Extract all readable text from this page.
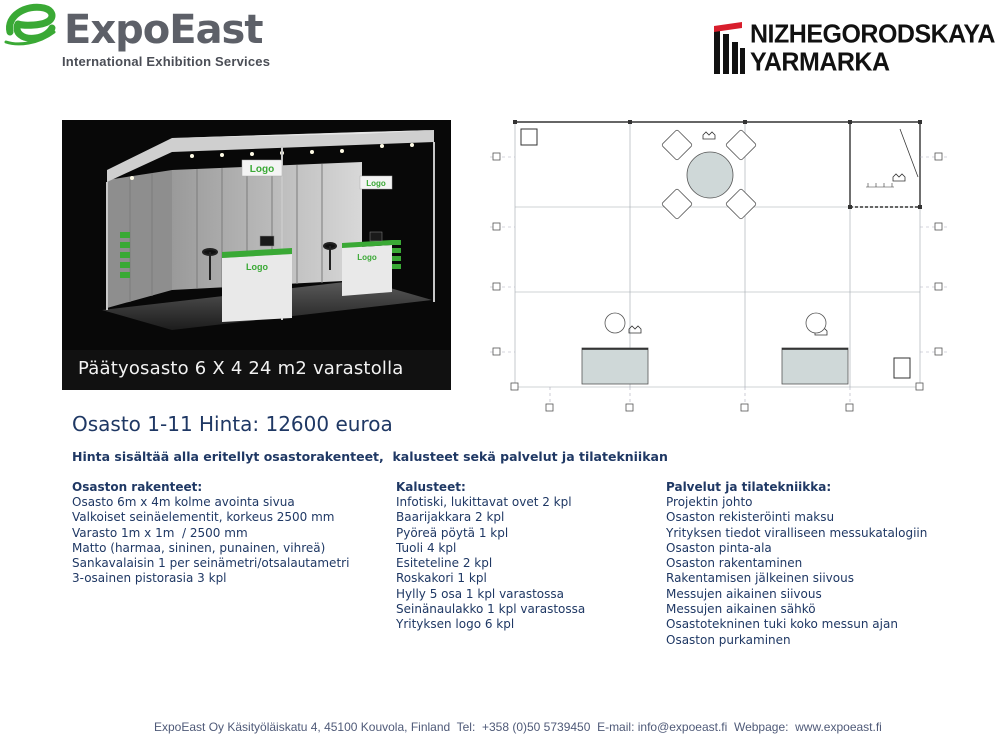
ExpoEast
International Exhibition Services
NIZHEGORODSKAYA
YARMARKA
Logo
Logo
Logo
Logo
Päätyosasto 6 X 4 24 m2 varastolla
Osasto 1-11 Hinta: 12600 euroa
Hinta sisältää alla eritellyt osastorakenteet,  kalusteet sekä palvelut ja tilatekniikan
Osaston rakenteet:
Osasto 6m x 4m kolme avointa sivua
Valkoiset seinäelementit, korkeus 2500 mm
Varasto 1m x 1m  / 2500 mm
Matto (harmaa, sininen, punainen, vihreä)
Sankavalaisin 1 per seinämetri/otsalautametri
3-osainen pistorasia 3 kpl
Kalusteet:
Infotiski, lukittavat ovet 2 kpl
Baarijakkara 2 kpl
Pyöreä pöytä 1 kpl
Tuoli 4 kpl
Esiteteline 2 kpl
Roskakori 1 kpl
Hylly 5 osa 1 kpl varastossa
Seinänaulakko 1 kpl varastossa
Yrityksen logo 6 kpl
Palvelut ja tilatekniikka:
Projektin johto
Osaston rekisteröinti maksu
Yrityksen tiedot viralliseen messukatalogiin
Osaston pinta-ala
Osaston rakentaminen
Rakentamisen jälkeinen siivous
Messujen aikainen siivous
Messujen aikainen sähkö
Osastotekninen tuki koko messun ajan
Osaston purkaminen
ExpoEast Oy Käsityöläiskatu 4, 45100 Kouvola, Finland  Tel:  +358 (0)50 5739450  E-mail: info@expoeast.fi  Webpage:  www.expoeast.fi
